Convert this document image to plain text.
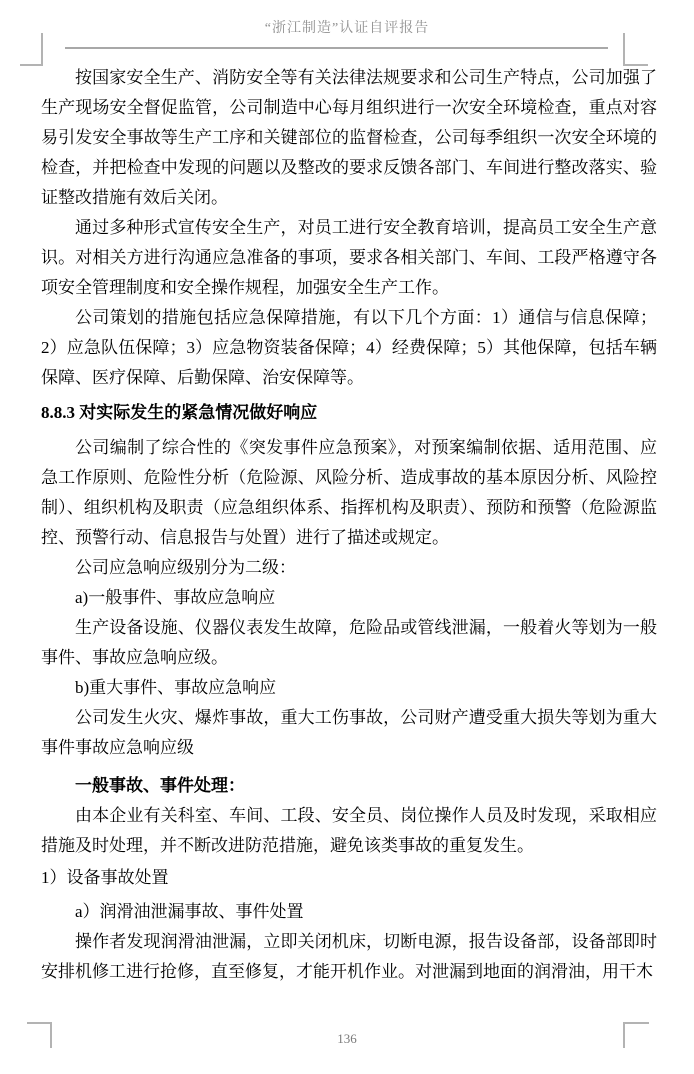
“浙江制造”认证自评报告
按国家安全生产、消防安全等有关法律法规要求和公司生产特点，公司加强了生产现场安全督促监管，公司制造中心每月组织进行一次安全环境检查，重点对容易引发安全事故等生产工序和关键部位的监督检查，公司每季组织一次安全环境的检查，并把检查中发现的问题以及整改的要求反馈各部门、车间进行整改落实、验证整改措施有效后关闭。
通过多种形式宣传安全生产，对员工进行安全教育培训，提高员工安全生产意识。对相关方进行沟通应急准备的事项，要求各相关部门、车间、工段严格遵守各项安全管理制度和安全操作规程，加强安全生产工作。
公司策划的措施包括应急保障措施，有以下几个方面：1）通信与信息保障；2）应急队伍保障；3）应急物资装备保障；4）经费保障；5）其他保障，包括车辆保障、医疗保障、后勤保障、治安保障等。
8.8.3 对实际发生的紧急情况做好响应
公司编制了综合性的《突发事件应急预案》，对预案编制依据、适用范围、应急工作原则、危险性分析（危险源、风险分析、造成事故的基本原因分析、风险控制）、组织机构及职责（应急组织体系、指挥机构及职责）、预防和预警（危险源监控、预警行动、信息报告与处置）进行了描述或规定。
公司应急响应级别分为二级：
a)一般事件、事故应急响应
生产设备设施、仪器仪表发生故障，危险品或管线泄漏，一般着火等划为一般事件、事故应急响应级。
b)重大事件、事故应急响应
公司发生火灾、爆炸事故，重大工伤事故，公司财产遭受重大损失等划为重大事件事故应急响应级
一般事故、事件处理：
由本企业有关科室、车间、工段、安全员、岗位操作人员及时发现，采取相应措施及时处理，并不断改进防范措施，避免该类事故的重复发生。
1）设备事故处置
a）润滑油泄漏事故、事件处置
操作者发现润滑油泄漏，立即关闭机床，切断电源，报告设备部，设备部即时安排机修工进行抢修，直至修复，才能开机作业。对泄漏到地面的润滑油，用干木
136
